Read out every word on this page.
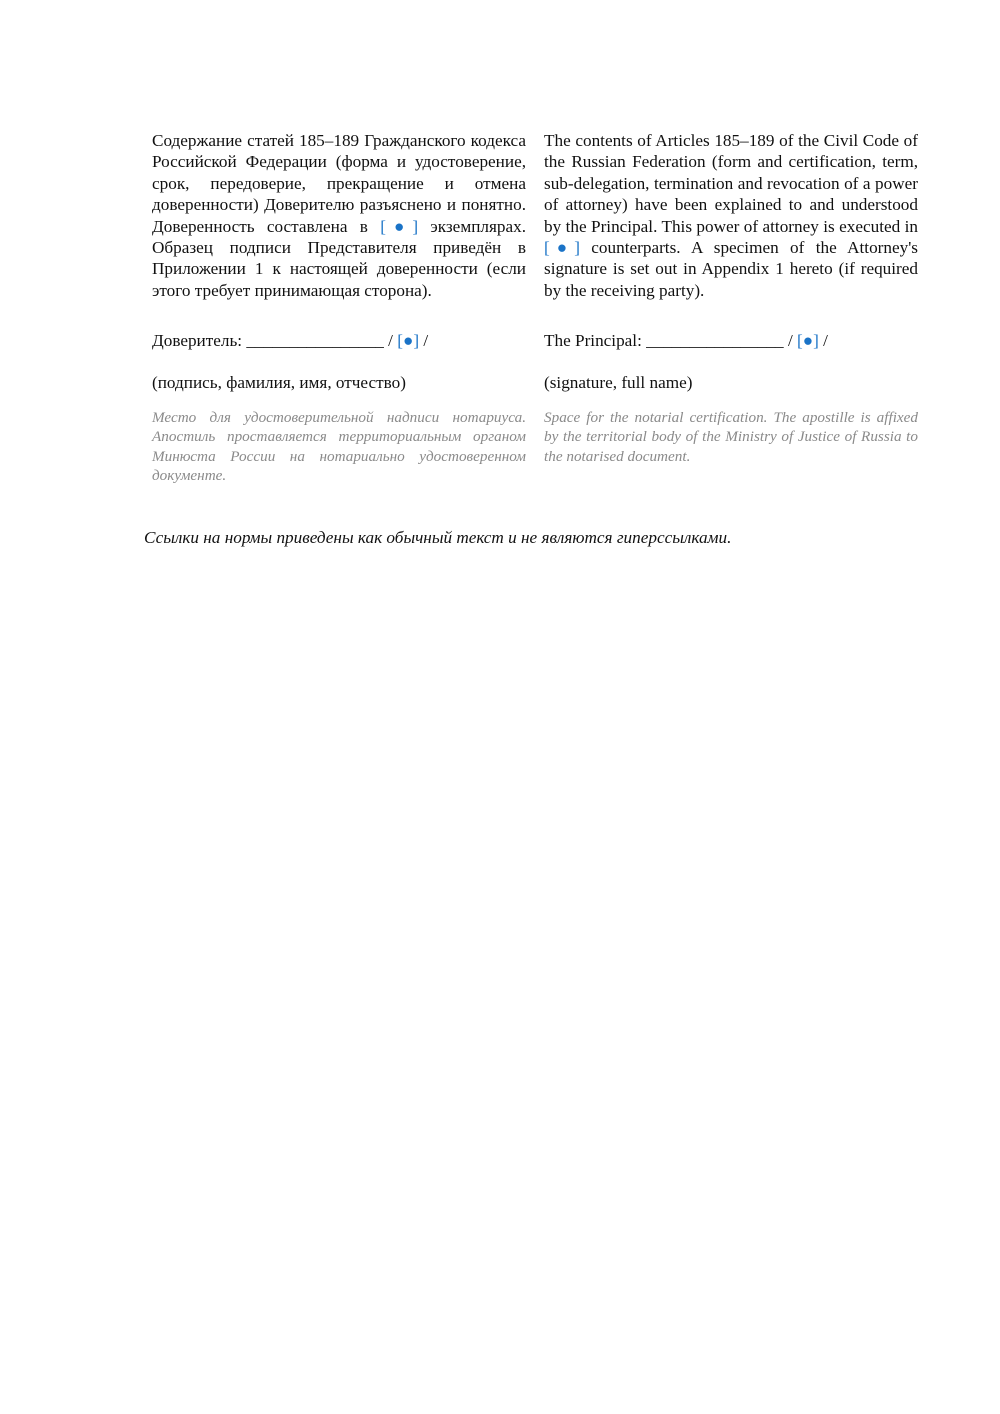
Содержание статей 185–189 Гражданского кодекса Российской Федерации (форма и удостоверение, срок, передоверие, прекращение и отмена доверенности) Доверителю разъяснено и понятно. Доверенность составлена в [●] экземплярах. Образец подписи Представителя приведён в Приложении 1 к настоящей доверенности (если этого требует принимающая сторона).

The contents of Articles 185–189 of the Civil Code of the Russian Federation (form and certification, term, sub-delegation, termination and revocation of a power of attorney) have been explained to and understood by the Principal. This power of attorney is executed in [●] counterparts. A specimen of the Attorney's signature is set out in Appendix 1 hereto (if required by the receiving party).

Доверитель: ________________ / [●] /	The Principal: ________________ / [●] /
(подпись, фамилия, имя, отчество)	(signature, full name)

Место для удостоверительной надписи нотариуса. Апостиль проставляется территориальным органом Минюста России на нотариально удостоверенном документе.

Space for the notarial certification. The apostille is affixed by the territorial body of the Ministry of Justice of Russia to the notarised document.

Ссылки на нормы приведены как обычный текст и не являются гиперссылками.
